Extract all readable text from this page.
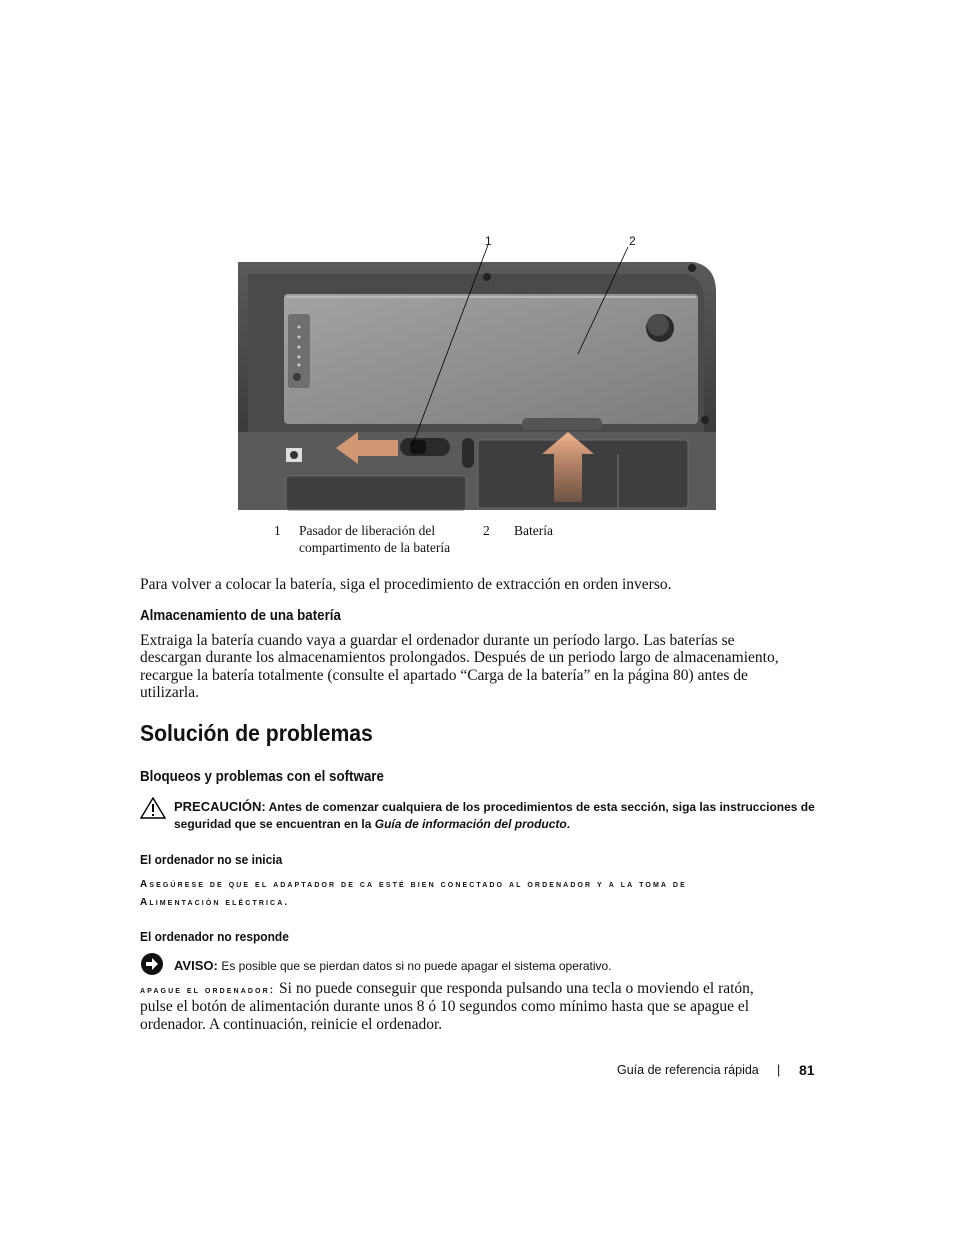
1	2
1 Pasador de liberación del
compartimento de la batería
2 Batería
Para volver a colocar la batería, siga el procedimiento de extracción en orden inverso.
Almacenamiento de una batería
Extraiga la batería cuando vaya a guardar el ordenador durante un período largo. Las baterías se
descargan durante los almacenamientos prolongados. Después de un periodo largo de almacenamiento,
recargue la batería totalmente (consulte el apartado “Carga de la batería” en la página 80) antes de
utilizarla.
Solución de problemas
Bloqueos y problemas con el software
PRECAUCIÓN: Antes de comenzar cualquiera de los procedimientos de esta sección, siga las instrucciones de
seguridad que se encuentran en la Guía de información del producto.
El ordenador no se inicia
Asegúrese de que el adaptador de ca esté bien conectado al ordenador y a la toma de
Alimentación eléctrica.
El ordenador no responde
AVISO: Es posible que se pierdan datos si no puede apagar el sistema operativo.
apague el ordenador: Si no puede conseguir que responda pulsando una tecla o moviendo el ratón,
pulse el botón de alimentación durante unos 8 ó 10 segundos como mínimo hasta que se apague el
ordenador. A continuación, reinicie el ordenador.
Guía de referencia rápida | 81
